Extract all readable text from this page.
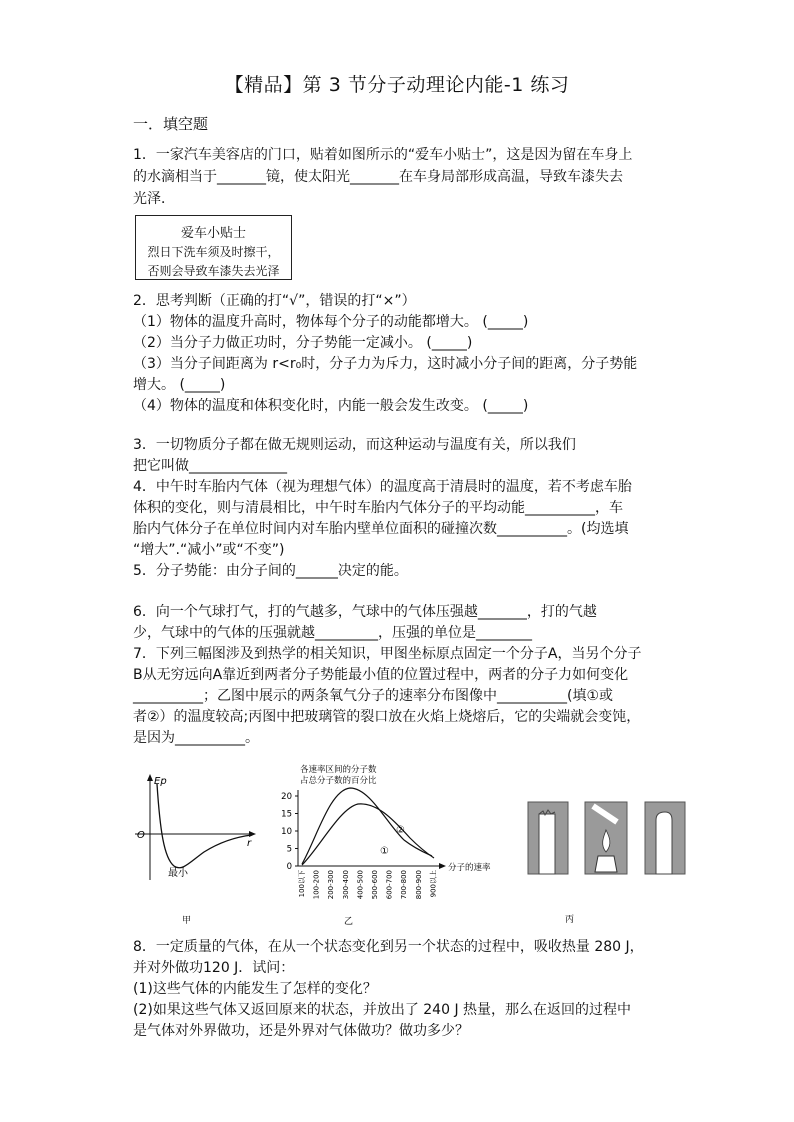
【精品】第 3 节分子动理论内能-1 练习
一．填空题
1．一家汽车美容店的门口，贴着如图所示的“爱车小贴士”，这是因为留在车身上
的水滴相当于_______镜，使太阳光_______在车身局部形成高温，导致车漆失去
光泽．
爱车小贴士
烈日下洗车须及时擦干，
否则会导致车漆失去光泽
2．思考判断（正确的打“√”，错误的打“×”）
（1）物体的温度升高时，物体每个分子的动能都增大。 (_____)
（2）当分子力做正功时，分子势能一定减小。 (_____)
（3）当分子间距离为 r<r₀时，分子力为斥力，这时减小分子间的距离，分子势能
增大。 (_____)
（4）物体的温度和体积变化时，内能一般会发生改变。 (_____)
3．一切物质分子都在做无规则运动，而这种运动与温度有关，所以我们
把它叫做______________
4．中午时车胎内气体（视为理想气体）的温度高于清晨时的温度，若不考虑车胎
体积的变化，则与清晨相比，中午时车胎内气体分子的平均动能__________，车
胎内气体分子在单位时间内对车胎内壁单位面积的碰撞次数__________。(均选填
“增大”.“减小”或“不变”)
5．分子势能：由分子间的______决定的能。
6．向一个气球打气，打的气越多，气球中的气体压强越_______，打的气越
少，气球中的气体的压强就越_________，压强的单位是________
7．下列三幅图涉及到热学的相关知识，甲图坐标原点固定一个分子A，当另个分子
B从无穷远向A靠近到两者分子势能最小值的位置过程中，两者的分子力如何变化
__________；乙图中展示的两条氧气分子的速率分布图像中__________(填①或
者②）的温度较高;丙图中把玻璃管的裂口放在火焰上烧熔后，它的尖端就会变饨，
是因为__________。
Ep
r
O
最小
甲
各速率区间的分子数
占总分子数的百分比
20
15
10
5
0
100以下 100-200 200-300 300-400 400-500 500-600 600-700 700-800 800-900 900以上
①
②
分子的速率
乙	丙
8．一定质量的气体，在从一个状态变化到另一个状态的过程中，吸收热量 280 J，
并对外做功120 J．试问：
(1)这些气体的内能发生了怎样的变化？
(2)如果这些气体又返回原来的状态，并放出了 240 J 热量，那么在返回的过程中
是气体对外界做功，还是外界对气体做功？做功多少？
